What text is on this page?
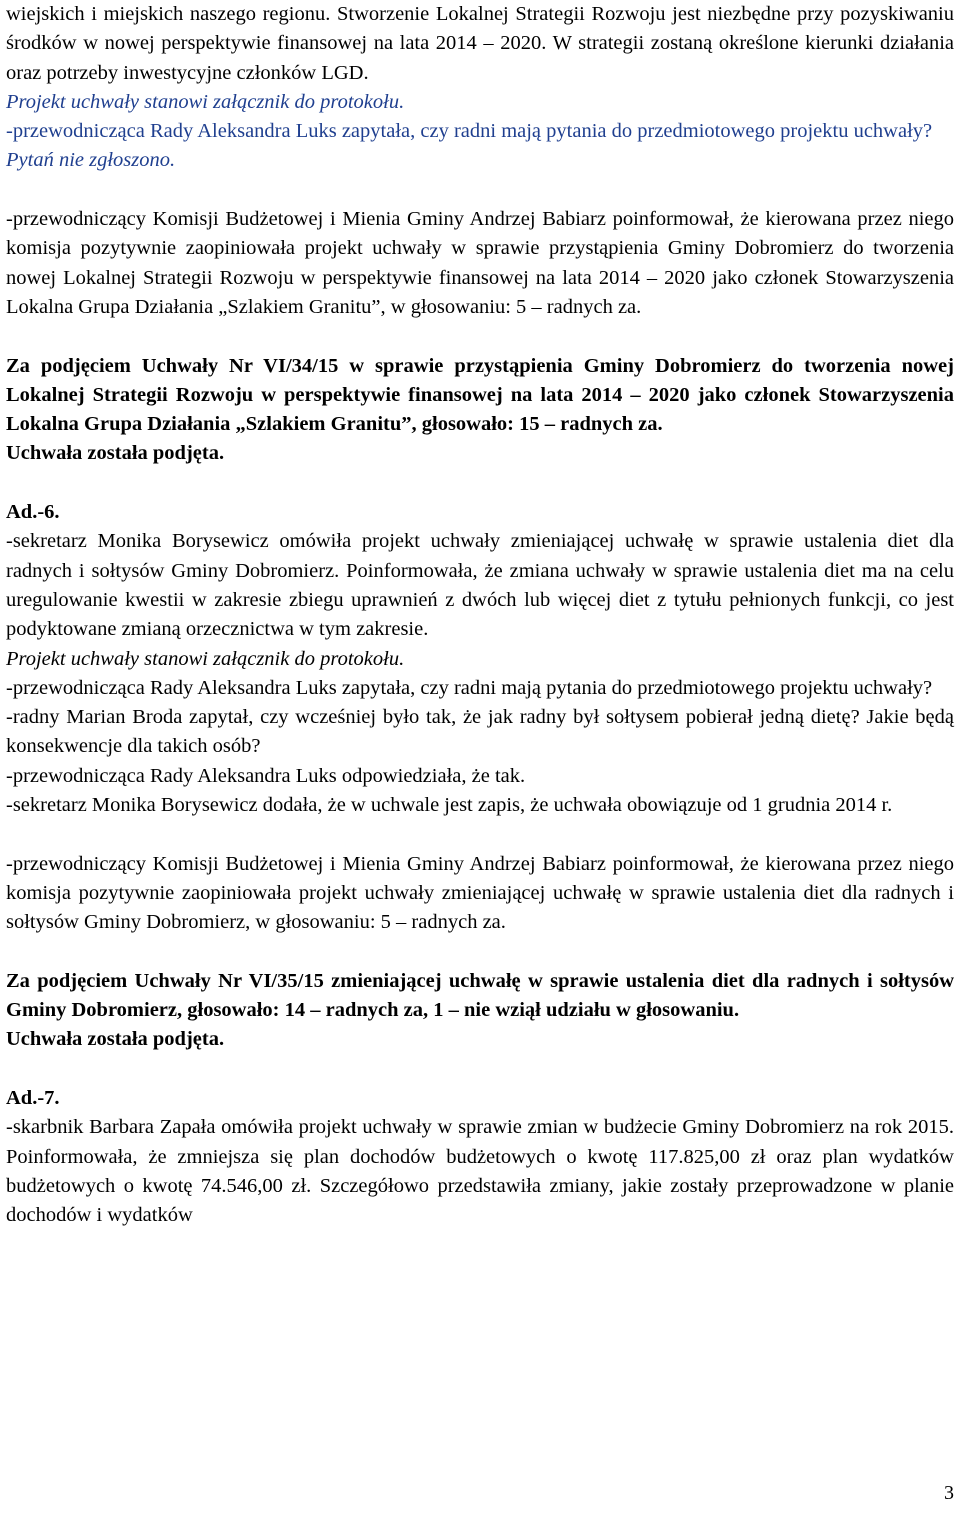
wiejskich i miejskich naszego regionu. Stworzenie Lokalnej Strategii Rozwoju jest niezbędne przy pozyskiwaniu środków w nowej perspektywie finansowej na lata 2014 – 2020. W strategii zostaną określone kierunki działania oraz potrzeby inwestycyjne członków LGD.

Projekt uchwały stanowi załącznik do protokołu.

-przewodnicząca Rady Aleksandra Luks zapytała, czy radni mają pytania do przedmiotowego projektu uchwały?

Pytań nie zgłoszono.

-przewodniczący Komisji Budżetowej i Mienia Gminy Andrzej Babiarz poinformował, że kierowana przez niego komisja pozytywnie zaopiniowała projekt uchwały w sprawie przystąpienia Gminy Dobromierz do tworzenia nowej Lokalnej Strategii Rozwoju w perspektywie finansowej na lata 2014 – 2020 jako członek Stowarzyszenia Lokalna Grupa Działania „Szlakiem Granitu”, w głosowaniu: 5 – radnych za.

Za podjęciem Uchwały Nr VI/34/15 w sprawie przystąpienia Gminy Dobromierz do tworzenia nowej Lokalnej Strategii Rozwoju w perspektywie finansowej na lata 2014 – 2020 jako członek Stowarzyszenia Lokalna Grupa Działania „Szlakiem Granitu”, głosowało: 15 – radnych za.

Uchwała została podjęta.

Ad.-6.

-sekretarz Monika Borysewicz omówiła projekt uchwały zmieniającej uchwałę w sprawie ustalenia diet dla radnych i sołtysów Gminy Dobromierz. Poinformowała, że zmiana uchwały w sprawie ustalenia diet ma na celu uregulowanie kwestii w zakresie zbiegu uprawnień z dwóch lub więcej diet z tytułu pełnionych funkcji, co jest podyktowane zmianą orzecznictwa w tym zakresie.

Projekt uchwały stanowi załącznik do protokołu.

-przewodnicząca Rady Aleksandra Luks zapytała, czy radni mają pytania do przedmiotowego projektu uchwały?

-radny Marian Broda zapytał, czy wcześniej było tak, że jak radny był sołtysem pobierał jedną dietę? Jakie będą konsekwencje dla takich osób?

-przewodnicząca Rady Aleksandra Luks odpowiedziała, że tak.

-sekretarz Monika Borysewicz dodała, że w uchwale jest zapis, że uchwała obowiązuje od 1 grudnia 2014 r.

-przewodniczący Komisji Budżetowej i Mienia Gminy Andrzej Babiarz poinformował, że kierowana przez niego komisja pozytywnie zaopiniowała projekt uchwały zmieniającej uchwałę w sprawie ustalenia diet dla radnych i sołtysów Gminy Dobromierz, w głosowaniu: 5 – radnych za.

Za podjęciem Uchwały Nr VI/35/15 zmieniającej uchwałę w sprawie ustalenia diet dla radnych i sołtysów Gminy Dobromierz, głosowało: 14 – radnych za, 1 – nie wziął udziału w głosowaniu.

Uchwała została podjęta.

Ad.-7.

-skarbnik Barbara Zapała omówiła projekt uchwały w sprawie zmian w budżecie Gminy Dobromierz na rok 2015. Poinformowała, że zmniejsza się plan dochodów budżetowych o kwotę 117.825,00 zł oraz plan wydatków budżetowych o kwotę 74.546,00 zł. Szczegółowo przedstawiła zmiany, jakie zostały przeprowadzone w planie dochodów i wydatków

3
